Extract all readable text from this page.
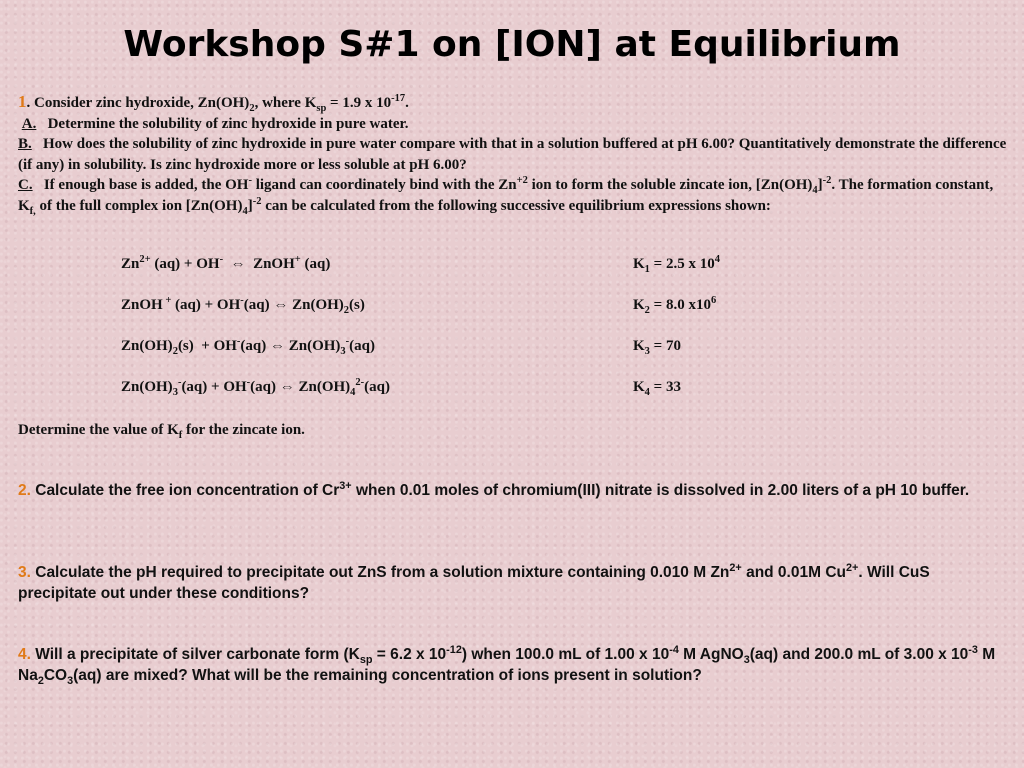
Workshop S#1 on [ION] at Equilibrium
1. Consider zinc hydroxide, $Zn(OH)_2$, where $K_{sp} = 1.9$ x $10^{-17}$.
A. Determine the solubility of zinc hydroxide in pure water.
B. How does the solubility of zinc hydroxide in pure water compare with that in a solution buffered at pH 6.00? Quantitatively demonstrate the difference (if any) in solubility. Is zinc hydroxide more or less soluble at pH 6.00?
C. If enough base is added, the OH- ligand can coordinately bind with the $Zn^{+2}$ ion to form the soluble zincate ion, $[Zn(OH)_4]^{-2}$. The formation constant, $K_{f,}$ of the full complex ion $[Zn(OH)_4]^{-2}$ can be calculated from the following successive equilibrium expressions shown:
$Zn^{2+}$ (aq) + OH-  ⇔  ZnOH+ (aq)	$K_1 = 2.5$ x $10^4$
ZnOH + (aq) + OH-(aq) ⇔ $Zn(OH)_2(s)$	$K_2 = 8.0$ $x10^6$
$Zn(OH)_2(s) + OH^-(aq)$ ⇔ $Zn(OH)_3^-(aq)$	$K_3 = 70$
$Zn(OH)_3^-(aq) + OH^-(aq)$ ⇔ $Zn(OH)_4^{2-}(aq)$	$K_4 = 33$
Determine the value of $K_f$ for the zincate ion.
2. Calculate the free ion concentration of $Cr^{3+}$ when 0.01 moles of chromium(III) nitrate is dissolved in 2.00 liters of a pH 10 buffer.
3. Calculate the pH required to precipitate out ZnS from a solution mixture containing 0.010 M $Zn^{2+}$ and 0.01M $Cu^{2+}$. Will CuS precipitate out under these conditions?
4. Will a precipitate of silver carbonate form ($K_{sp} = 6.2$ x $10^{-12}$) when 100.0 mL of 1.00 x $10^{-4}$ M AgNO$_3$(aq) and 200.0 mL of 3.00 x $10^{-3}$ M $Na_2CO_3(aq)$ are mixed? What will be the remaining concentration of ions present in solution?
